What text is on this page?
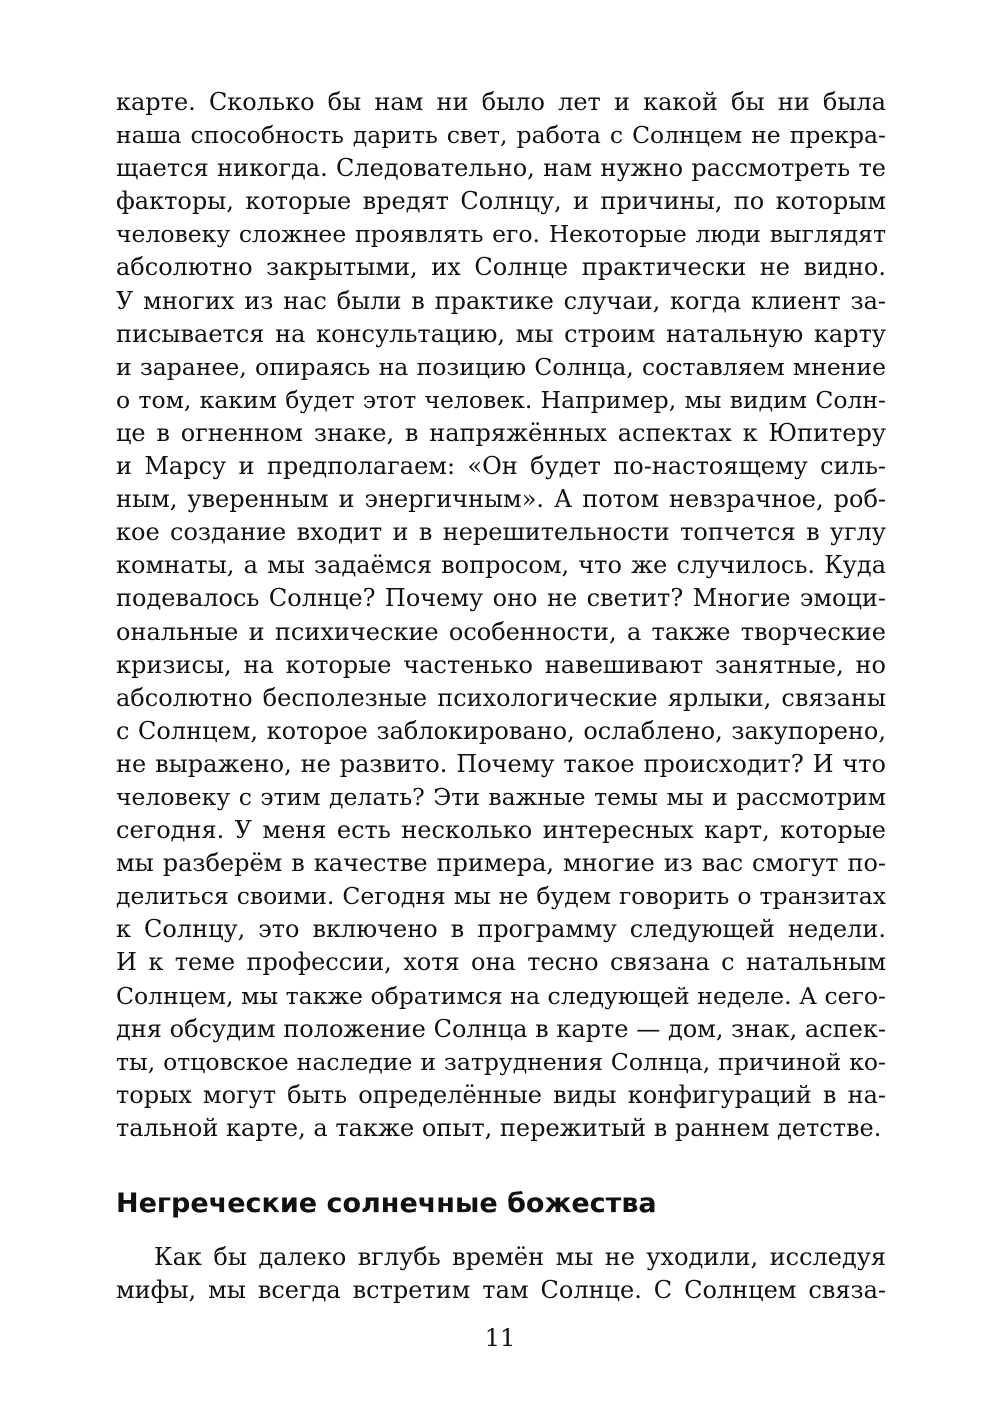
карте. Сколько бы нам ни было лет и какой бы ни была
наша способность дарить свет, работа с Солнцем не прекра-
щается никогда. Следовательно, нам нужно рассмотреть те
факторы, которые вредят Солнцу, и причины, по которым
человеку сложнее проявлять его. Некоторые люди выглядят
абсолютно закрытыми, их Солнце практически не видно.
У многих из нас были в практике случаи, когда клиент за-
писывается на консультацию, мы строим натальную карту
и заранее, опираясь на позицию Солнца, составляем мнение
о том, каким будет этот человек. Например, мы видим Солн-
це в огненном знаке, в напряжённых аспектах к Юпитеру
и Марсу и предполагаем: «Он будет по-настоящему силь-
ным, уверенным и энергичным». А потом невзрачное, роб-
кое создание входит и в нерешительности топчется в углу
комнаты, а мы задаёмся вопросом, что же случилось. Куда
подевалось Солнце? Почему оно не светит? Многие эмоци-
ональные и психические особенности, а также творческие
кризисы, на которые частенько навешивают занятные, но
абсолютно бесполезные психологические ярлыки, связаны
с Солнцем, которое заблокировано, ослаблено, закупорено,
не выражено, не развито. Почему такое происходит? И что
человеку с этим делать? Эти важные темы мы и рассмотрим
сегодня. У меня есть несколько интересных карт, которые
мы разберём в качестве примера, многие из вас смогут по-
делиться своими. Сегодня мы не будем говорить о транзитах
к Солнцу, это включено в программу следующей недели.
И к теме профессии, хотя она тесно связана с натальным
Солнцем, мы также обратимся на следующей неделе. А сего-
дня обсудим положение Солнца в карте — дом, знак, аспек-
ты, отцовское наследие и затруднения Солнца, причиной ко-
торых могут быть определённые виды конфигураций в на-
тальной карте, а также опыт, пережитый в раннем детстве.
Негреческие солнечные божества
Как бы далеко вглубь времён мы не уходили, исследуя
мифы, мы всегда встретим там Солнце. С Солнцем связа-
11
